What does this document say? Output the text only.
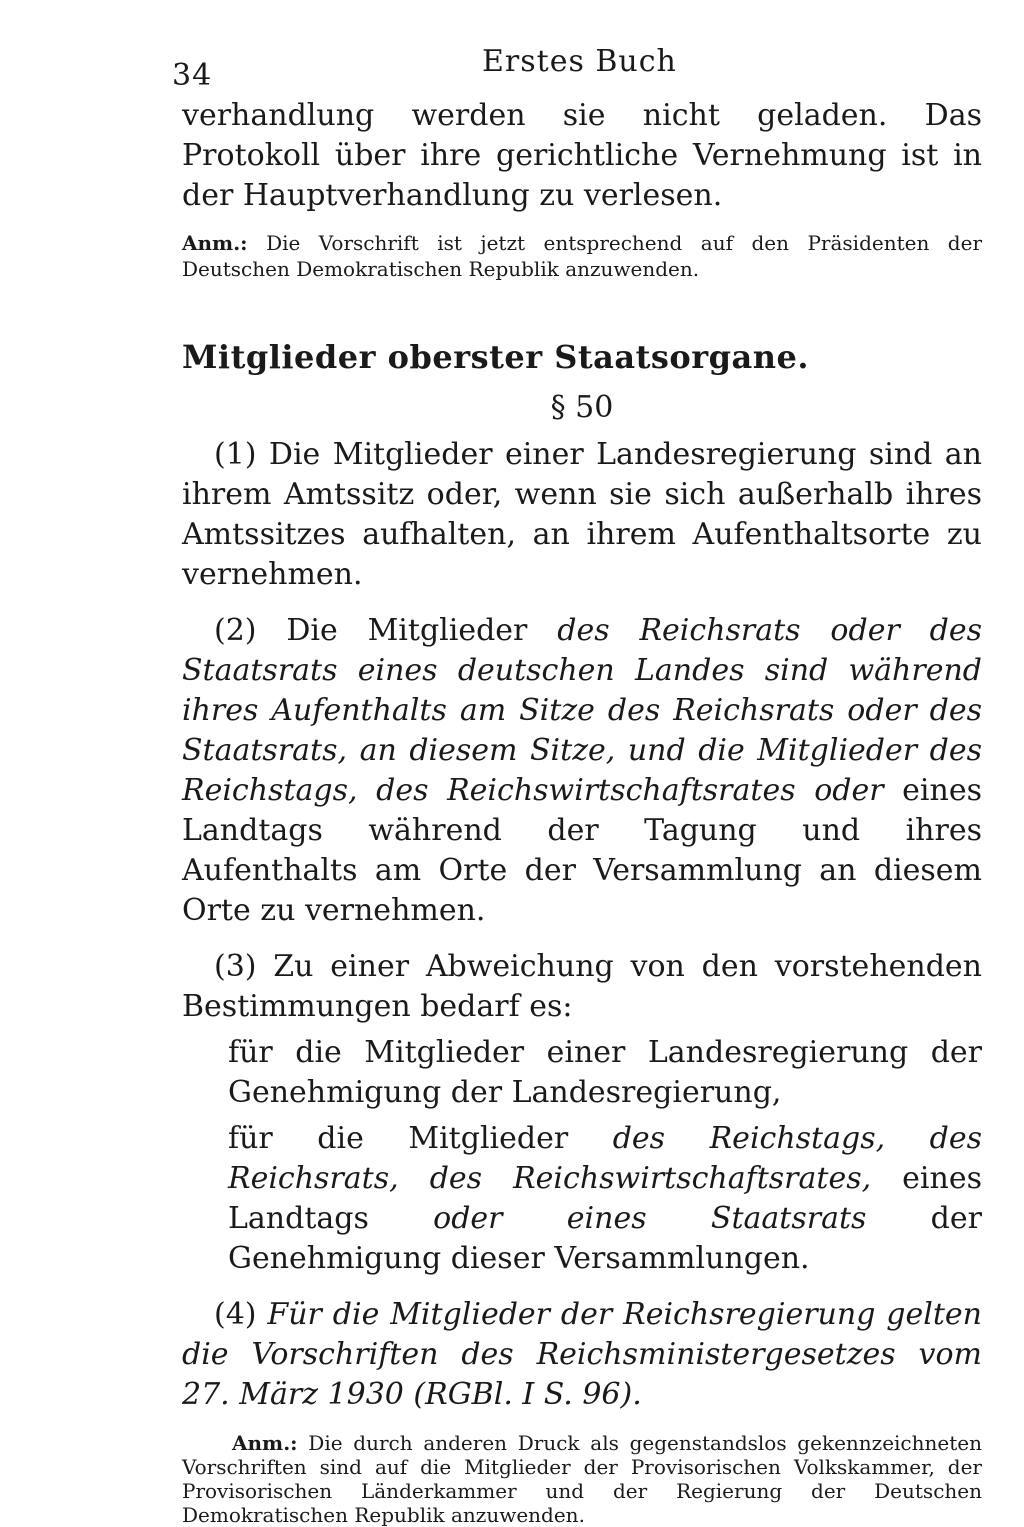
34	Erstes Buch

verhandlung werden sie nicht geladen. Das Protokoll über ihre gerichtliche Vernehmung ist in der Hauptverhandlung zu verlesen.

Anm.: Die Vorschrift ist jetzt entsprechend auf den Präsidenten der Deutschen Demokratischen Republik anzuwenden.

Mitglieder oberster Staatsorgane.
§ 50

(1) Die Mitglieder einer Landesregierung sind an ihrem Amtssitz oder, wenn sie sich außerhalb ihres Amtssitzes aufhalten, an ihrem Aufenthaltsorte zu vernehmen.

(2) Die Mitglieder des Reichsrats oder des Staatsrats eines deutschen Landes sind während ihres Aufenthalts am Sitze des Reichsrats oder des Staatsrats, an diesem Sitze, und die Mitglieder des Reichstags, des Reichswirtschaftsrates oder eines Landtags während der Tagung und ihres Aufenthalts am Orte der Versammlung an diesem Orte zu vernehmen.

(3) Zu einer Abweichung von den vorstehenden Bestimmungen bedarf es:

für die Mitglieder einer Landesregierung der Genehmigung der Landesregierung,

für die Mitglieder des Reichstags, des Reichsrats, des Reichswirtschaftsrates, eines Landtags oder eines Staatsrats der Genehmigung dieser Versammlungen.

(4) Für die Mitglieder der Reichsregierung gelten die Vorschriften des Reichsministergesetzes vom 27. März 1930 (RGBl. I S. 96).

Anm.: Die durch anderen Druck als gegenstandslos gekennzeichneten Vorschriften sind auf die Mitglieder der Provisorischen Volkskammer, der Provisorischen Länderkammer und der Regierung der Deutschen Demokratischen Republik anzuwenden.
